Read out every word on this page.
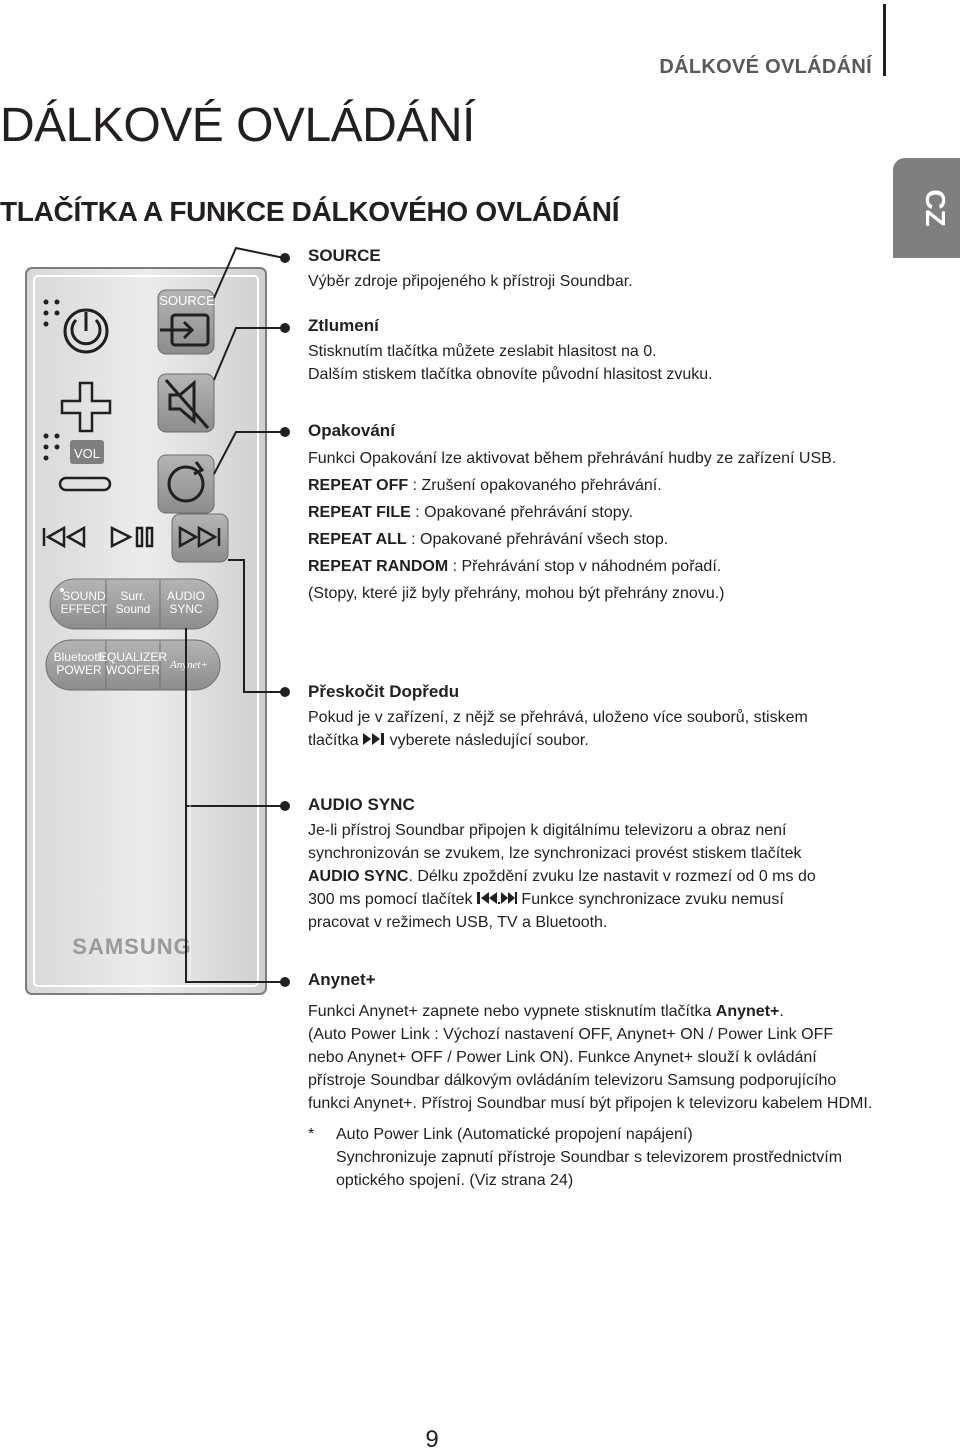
DÁLKOVÉ OVLÁDÁNÍ
DÁLKOVÉ OVLÁDÁNÍ
TLAČÍTKA A FUNKCE DÁLKOVÉHO OVLÁDÁNÍ	CZ
SOURCE
VOL
SOUND
EFFECT
Surr.
Sound
AUDIO
SYNC
Bluetooth
POWER
EQUALIZER
WOOFER Anynet+
SAMSUNG

SOURCE

Výběr zdroje připojeného k přístroji Soundbar.

Ztlumení

Stisknutím tlačítka můžete zeslabit hlasitost na 0.

Dalším stiskem tlačítka obnovíte původní hlasitost zvuku.

Opakování

Funkci Opakování lze aktivovat během přehrávání hudby ze zařízení USB.

REPEAT OFF : Zrušení opakovaného přehrávání.

REPEAT FILE : Opakované přehrávání stopy.

REPEAT ALL : Opakované přehrávání všech stop.

REPEAT RANDOM : Přehrávání stop v náhodném pořadí.

(Stopy, které již byly přehrány, mohou být přehrány znovu.)

Přeskočit Dopředu

Pokud je v zařízení, z nějž se přehrává, uloženo více souborů, stiskem

tlačítka  vyberete následující soubor.

AUDIO SYNC

Je-li přístroj Soundbar připojen k digitálnímu televizoru a obraz není

synchronizován se zvukem, lze synchronizaci provést stiskem tlačítek

AUDIO SYNC. Délku zpoždění zvuku lze nastavit v rozmezí od 0 ms do

300 ms pomocí tlačítek	Funkce synchronizace zvuku nemusí

pracovat v režimech USB, TV a Bluetooth.

Anynet+

Funkci Anynet+ zapnete nebo vypnete stisknutím tlačítka Anynet+.

(Auto Power Link : Výchozí nastavení OFF, Anynet+ ON / Power Link OFF

nebo Anynet+ OFF / Power Link ON). Funkce Anynet+ slouží k ovládání

přístroje Soundbar dálkovým ovládáním televizoru Samsung podporujícího

funkci Anynet+. Přístroj Soundbar musí být připojen k televizoru kabelem HDMI.

*	Auto Power Link (Automatické propojení napájení)

Synchronizuje zapnutí přístroje Soundbar s televizorem prostřednictvím

optického spojení. (Viz strana 24)

9
